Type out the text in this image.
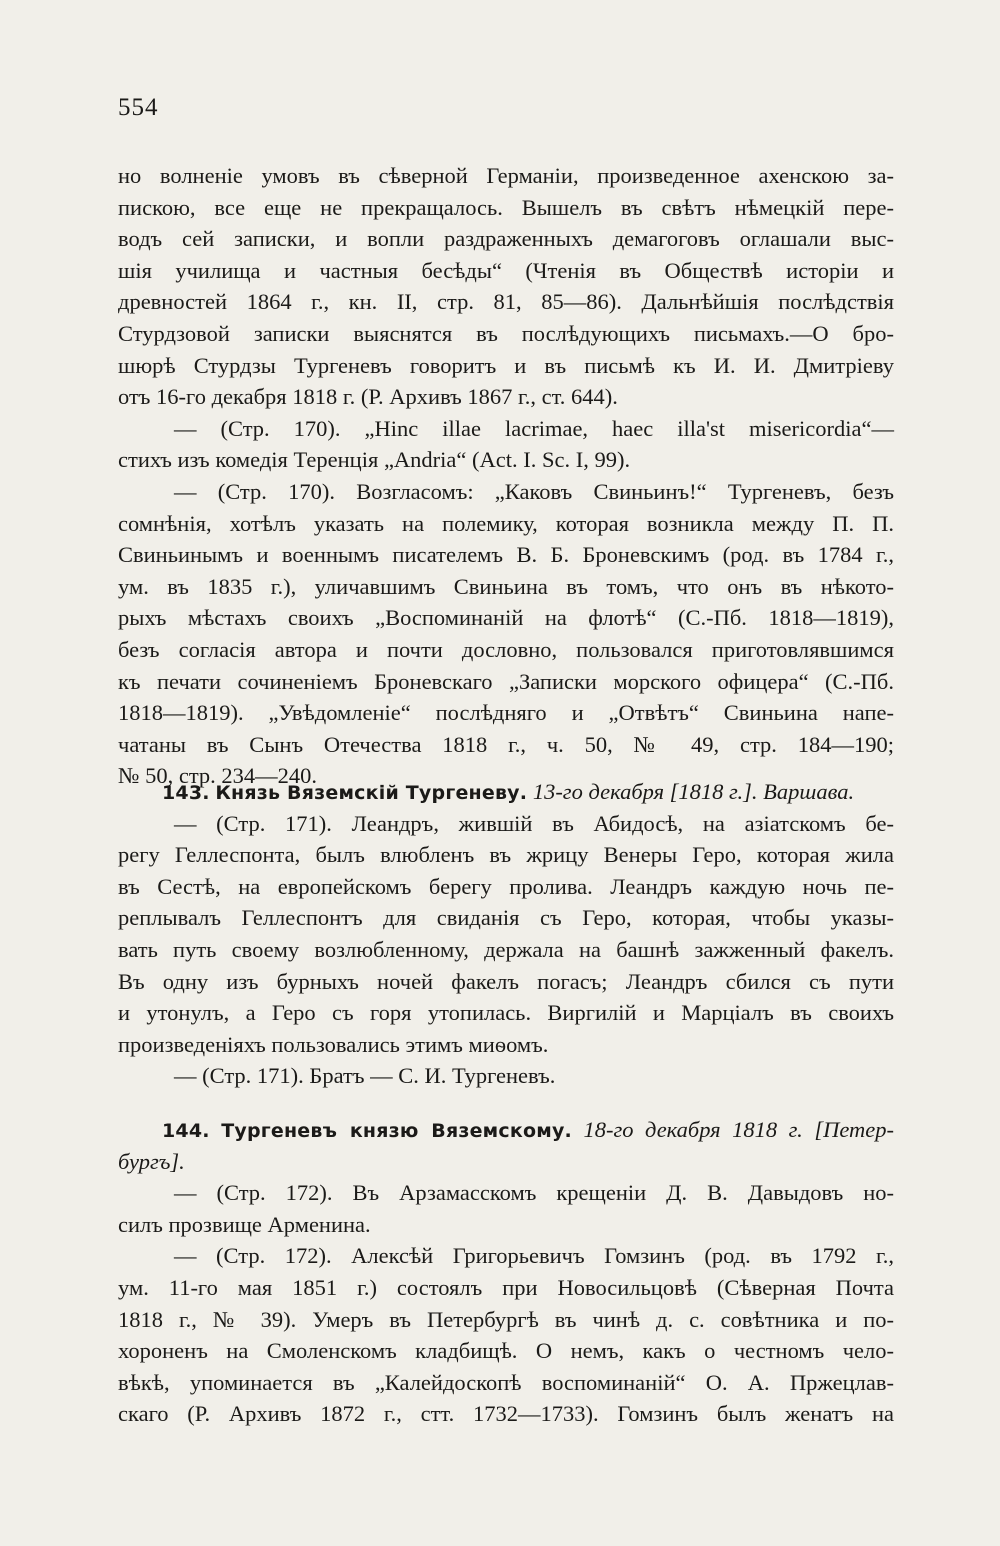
554
но волненіе умовъ въ сѣверной Германіи, произведенное ахенскою за-
пискою, все еще не прекращалось. Вышелъ въ свѣтъ нѣмецкій пере-
водъ сей записки, и вопли раздраженныхъ демагоговъ оглашали выс-
шія училища и частныя бесѣды“ (Чтенія въ Обществѣ исторіи и
древностей 1864 г., кн. II, стр. 81, 85—86). Дальнѣйшія послѣдствія
Стурдзовой записки выяснятся въ послѣдующихъ письмахъ.—О бро-
шюрѣ Стурдзы Тургеневъ говоритъ и въ письмѣ къ И. И. Дмитріеву
отъ 16-го декабря 1818 г. (Р. Архивъ 1867 г., ст. 644).
— (Стр. 170). „Hinc illae lacrimae, haec illa'st misericordia“—
стихъ изъ комедія Теренція „Andria“ (Act. I. Sc. I, 99).
— (Стр. 170). Возгласомъ: „Каковъ Свиньинъ!“ Тургеневъ, безъ
сомнѣнія, хотѣлъ указать на полемику, которая возникла между П. П.
Свиньинымъ и военнымъ писателемъ В. Б. Броневскимъ (род. въ 1784 г.,
ум. въ 1835 г.), уличавшимъ Свиньина въ томъ, что онъ въ нѣкото-
рыхъ мѣстахъ своихъ „Воспоминаній на флотѣ“ (С.-Пб. 1818—1819),
безъ согласія автора и почти дословно, пользовался приготовлявшимся
къ печати сочиненіемъ Броневскаго „Записки морского офицера“ (С.-Пб.
1818—1819). „Увѣдомленіе“ послѣдняго и „Отвѣтъ“ Свиньина напе-
чатаны въ Сынъ Отечества 1818 г., ч. 50, № 49, стр. 184—190;
№ 50, стр. 234—240.
143. Князь Вяземскій Тургеневу. 13-го декабря [1818 г.]. Варшава.
— (Стр. 171). Леандръ, жившій въ Абидосѣ, на азіатскомъ бе-
регу Геллеспонта, былъ влюбленъ въ жрицу Венеры Геро, которая жила
въ Сестѣ, на европейскомъ берегу пролива. Леандръ каждую ночь пе-
реплывалъ Геллеспонтъ для свиданія съ Геро, которая, чтобы указы-
вать путь своему возлюбленному, держала на башнѣ зажженный факелъ.
Въ одну изъ бурныхъ ночей факелъ погасъ; Леандръ сбился съ пути
и утонулъ, а Геро съ горя утопилась. Виргилій и Марціалъ въ своихъ
произведеніяхъ пользовались этимъ миѳомъ.
— (Стр. 171). Братъ — С. И. Тургеневъ.
144. Тургеневъ князю Вяземскому. 18-го декабря 1818 г. [Петер-
бургъ].
— (Стр. 172). Въ Арзамасскомъ крещеніи Д. В. Давыдовъ но-
силъ прозвище Арменина.
— (Стр. 172). Алексѣй Григорьевичъ Гомзинъ (род. въ 1792 г.,
ум. 11-го мая 1851 г.) состоялъ при Новосильцовѣ (Сѣверная Почта
1818 г., № 39). Умеръ въ Петербургѣ въ чинѣ д. с. совѣтника и по-
хороненъ на Смоленскомъ кладбищѣ. О немъ, какъ о честномъ чело-
вѣкѣ, упоминается въ „Калейдоскопѣ воспоминаній“ О. А. Пржецлав-
скаго (Р. Архивъ 1872 г., стт. 1732—1733). Гомзинъ былъ женатъ на
